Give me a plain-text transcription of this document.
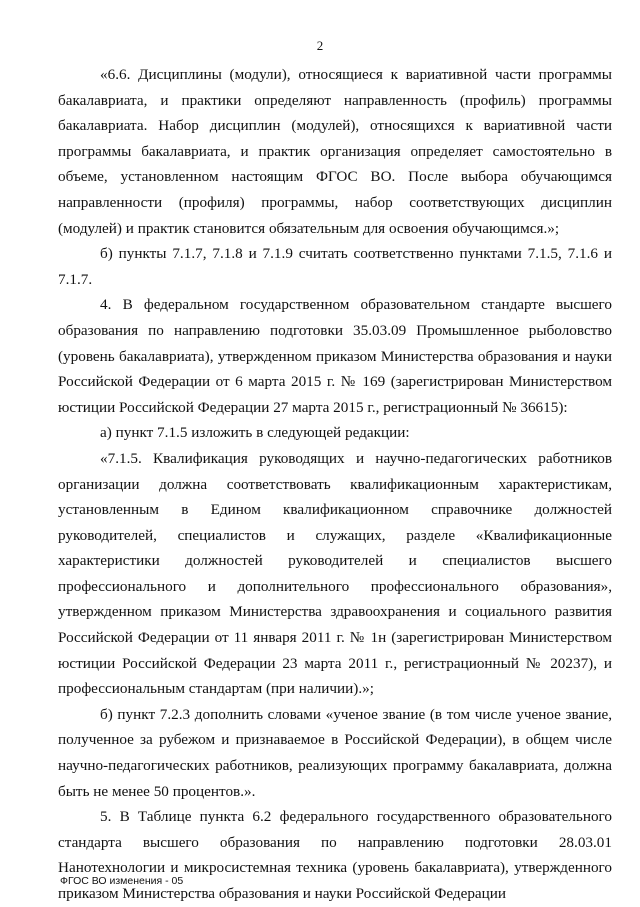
2

«6.6. Дисциплины (модули), относящиеся к вариативной части программы бакалавриата, и практики определяют направленность (профиль) программы бакалавриата. Набор дисциплин (модулей), относящихся к вариативной части программы бакалавриата, и практик организация определяет самостоятельно в объеме, установленном настоящим ФГОС ВО. После выбора обучающимся направленности (профиля) программы, набор соответствующих дисциплин (модулей) и практик становится обязательным для освоения обучающимся.»;

б) пункты 7.1.7, 7.1.8 и 7.1.9 считать соответственно пунктами 7.1.5, 7.1.6 и 7.1.7.

4. В федеральном государственном образовательном стандарте высшего образования по направлению подготовки 35.03.09 Промышленное рыболовство (уровень бакалавриата), утвержденном приказом Министерства образования и науки Российской Федерации от 6 марта 2015 г. № 169 (зарегистрирован Министерством юстиции Российской Федерации 27 марта 2015 г., регистрационный № 36615):

а) пункт 7.1.5 изложить в следующей редакции:

«7.1.5. Квалификация руководящих и научно-педагогических работников организации должна соответствовать квалификационным характеристикам, установленным в Едином квалификационном справочнике должностей руководителей, специалистов и служащих, разделе «Квалификационные характеристики должностей руководителей и специалистов высшего профессионального и дополнительного профессионального образования», утвержденном приказом Министерства здравоохранения и социального развития Российской Федерации от 11 января 2011 г. № 1н (зарегистрирован Министерством юстиции Российской Федерации 23 марта 2011 г., регистрационный № 20237), и профессиональным стандартам (при наличии).»;

б) пункт 7.2.3 дополнить словами «ученое звание (в том числе ученое звание, полученное за рубежом и признаваемое в Российской Федерации), в общем числе научно-педагогических работников, реализующих программу бакалавриата, должна быть не менее 50 процентов.».

5. В Таблице пункта 6.2 федерального государственного образовательного стандарта высшего образования по направлению подготовки 28.03.01 Нанотехнологии и микросистемная техника (уровень бакалавриата), утвержденного приказом Министерства образования и науки Российской Федерации

ФГОС ВО изменения - 05
